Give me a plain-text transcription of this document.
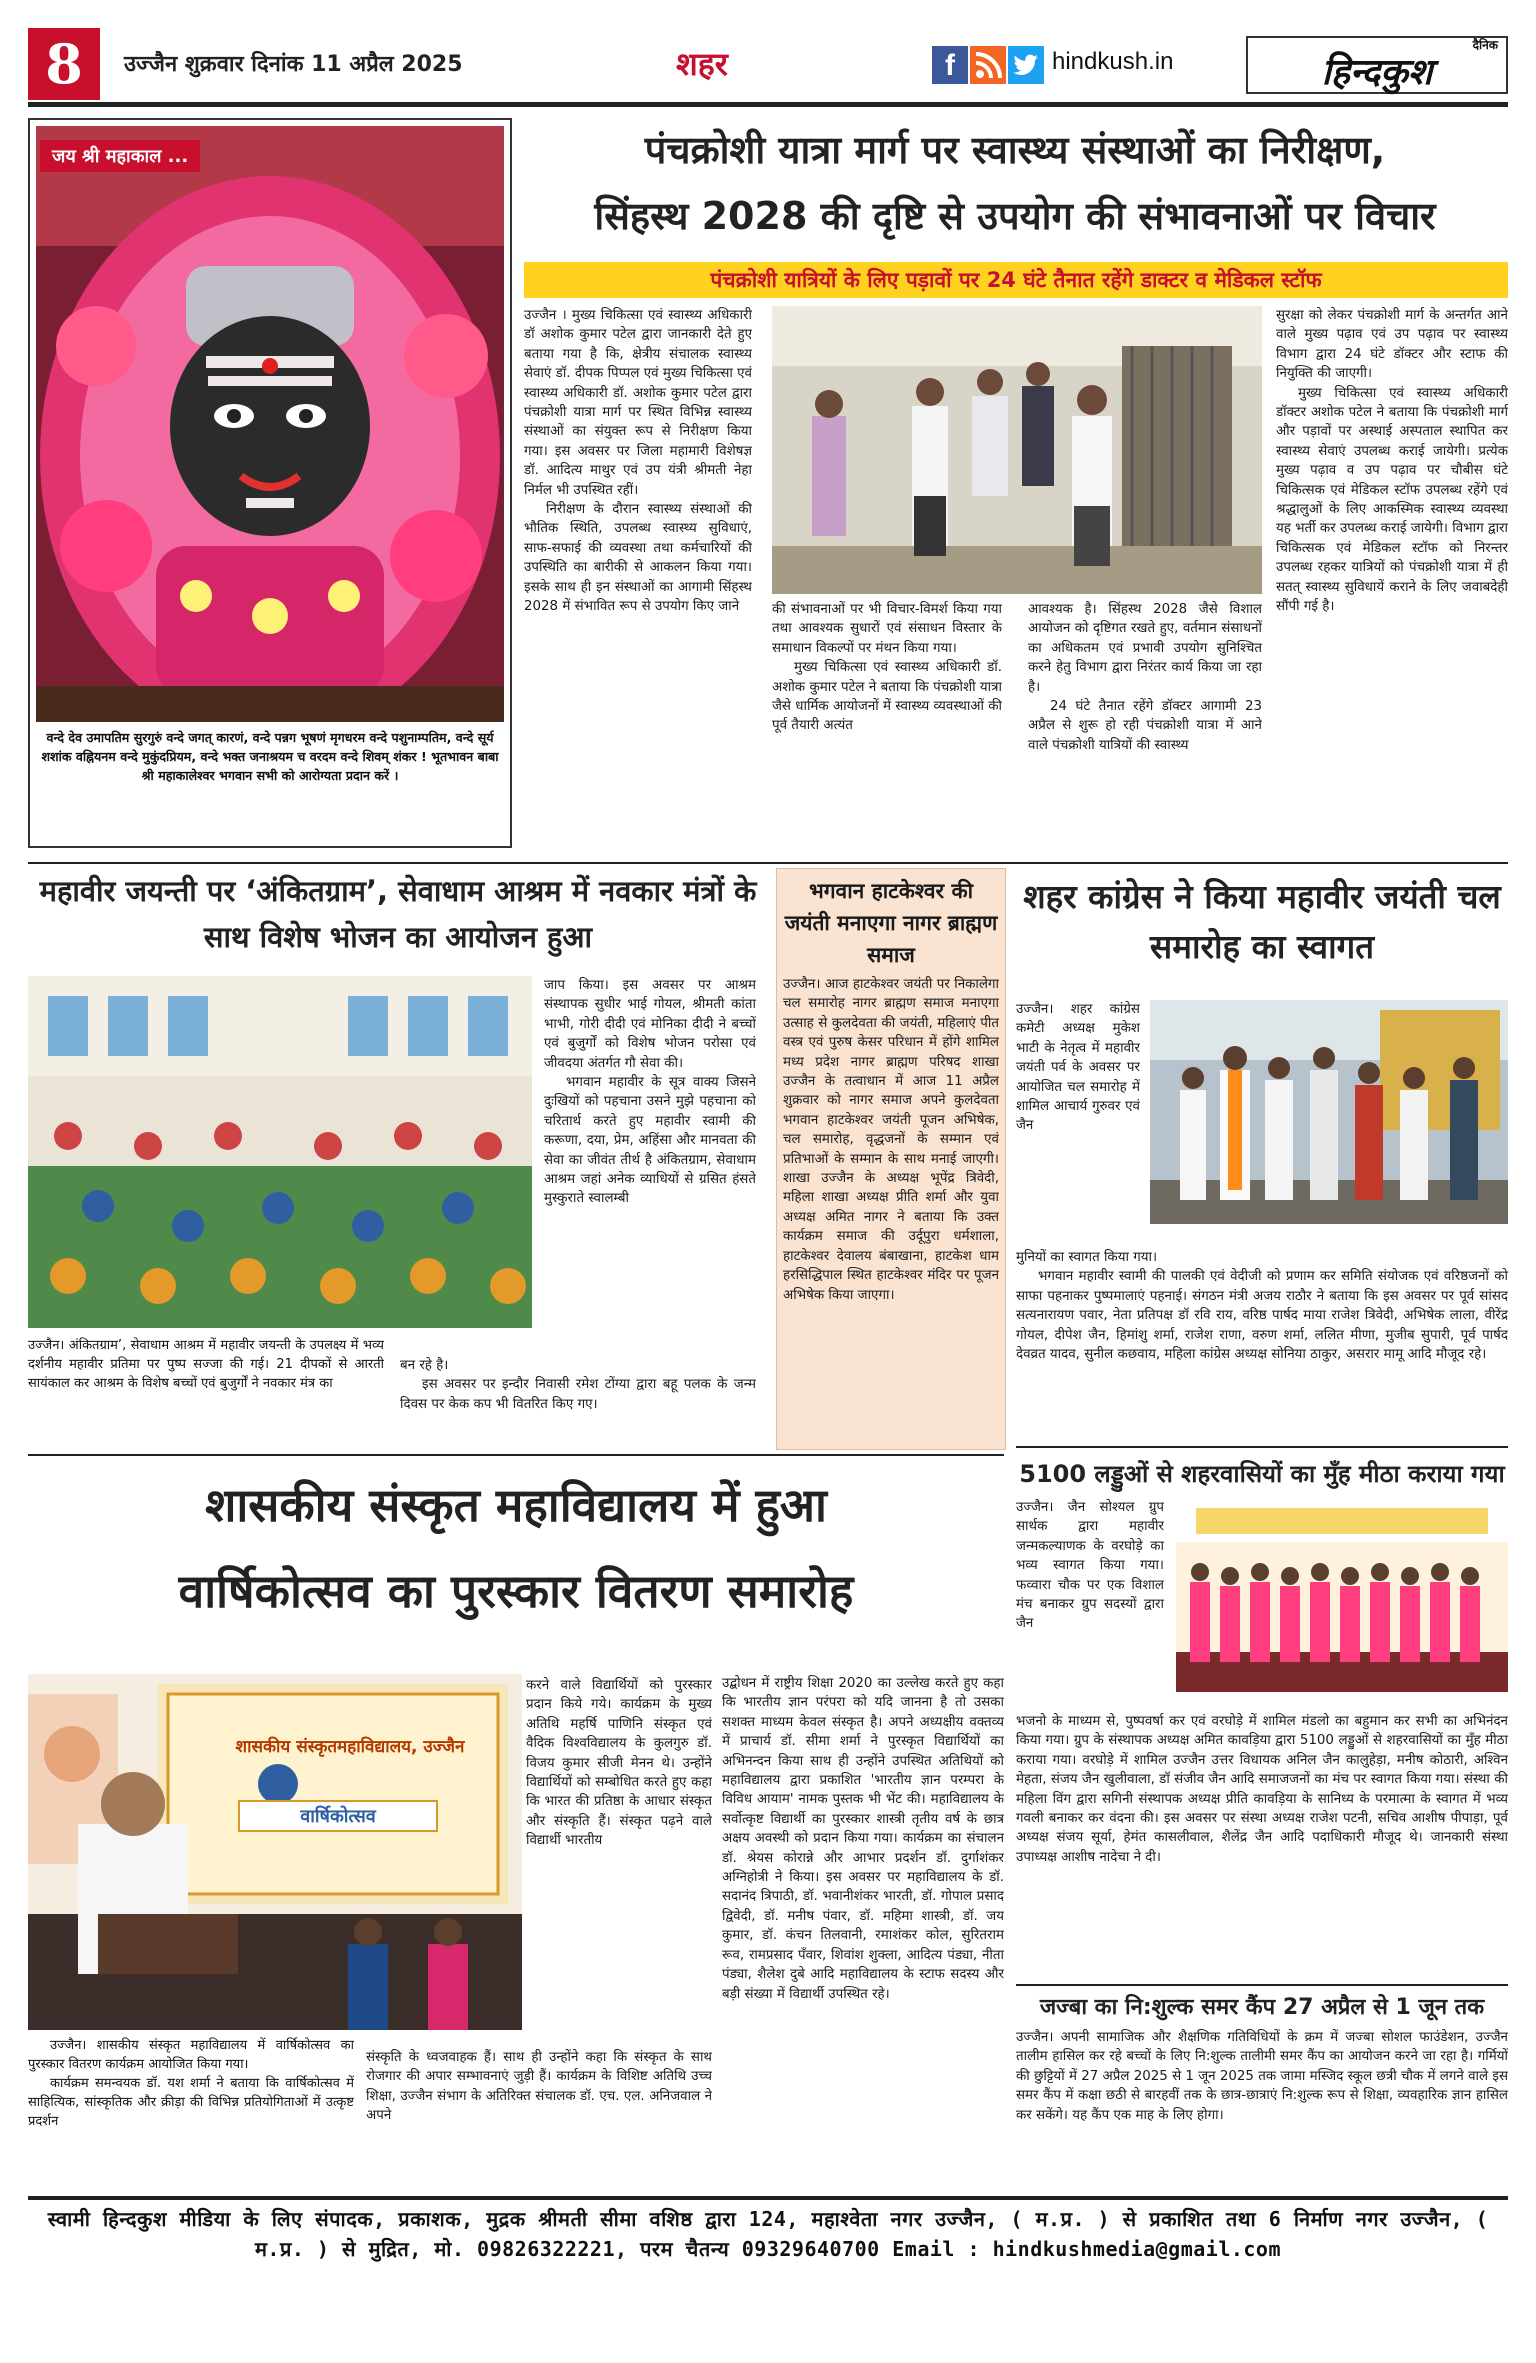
8	उज्जैन शुक्रवार दिनांक 11 अप्रैल 2025	शहर	f	hindkush.in
दैनिक
हिन्दकुश
जय श्री महाकाल ...
वन्दे देव उमापतिम सुरगुरुं वन्दे जगत् कारणं, वन्दे पन्नग भूषणं मृगधरम वन्दे पशुनाम्पतिम, वन्दे सूर्य शशांक वह्नियनम वन्दे मुकुंदप्रियम, वन्दे भक्त जनाश्रयम च वरदम वन्दे शिवम् शंकर ! भूतभावन बाबा श्री महाकालेश्वर भगवान सभी को आरोग्यता प्रदान करें ।
पंचक्रोशी यात्रा मार्ग पर स्वास्थ्य संस्थाओं का निरीक्षण,
सिंहस्थ 2028 की दृष्टि से उपयोग की संभावनाओं पर विचार
पंचक्रोशी यात्रियों के लिए पड़ावों पर 24 घंटे तैनात रहेंगे डाक्टर व मेडिकल स्टॉफ

उज्जैन । मुख्य चिकित्सा एवं स्वास्थ्य अधिकारी डॉ अशोक कुमार पटेल द्वारा जानकारी देते हुए बताया गया है कि, क्षेत्रीय संचालक स्वास्थ्य सेवाएं डॉ. दीपक पिप्पल एवं मुख्य चिकित्सा एवं स्वास्थ्य अधिकारी डॉ. अशोक कुमार पटेल द्वारा पंचक्रोशी यात्रा मार्ग पर स्थित विभिन्न स्वास्थ्य संस्थाओं का संयुक्त रूप से निरीक्षण किया गया। इस अवसर पर जिला महामारी विशेषज्ञ डॉ. आदित्य माथुर एवं उप यंत्री श्रीमती नेहा निर्मल भी उपस्थित रहीं।

निरीक्षण के दौरान स्वास्थ्य संस्थाओं की भौतिक स्थिति, उपलब्ध स्वास्थ्य सुविधाएं, साफ-सफाई की व्यवस्था तथा कर्मचारियों की उपस्थिति का बारीकी से आकलन किया गया। इसके साथ ही इन संस्थाओं का आगामी सिंहस्थ 2028 में संभावित रूप से उपयोग किए जाने	की संभावनाओं पर भी विचार-विमर्श किया गया तथा आवश्यक सुधारों एवं संसाधन विस्तार के समाधान विकल्पों पर मंथन किया गया।

मुख्य चिकित्सा एवं स्वास्थ्य अधिकारी डॉ. अशोक कुमार पटेल ने बताया कि पंचक्रोशी यात्रा जैसे धार्मिक आयोजनों में स्वास्थ्य व्यवस्थाओं की पूर्व तैयारी अत्यंत

आवश्यक है। सिंहस्थ 2028 जैसे विशाल आयोजन को दृष्टिगत रखते हुए, वर्तमान संसाधनों का अधिकतम एवं प्रभावी उपयोग सुनिश्चित करने हेतु विभाग द्वारा निरंतर कार्य किया जा रहा है।

24 घंटे तैनात रहेंगे डॉक्टर आगामी 23 अप्रैल से शुरू हो रही पंचक्रोशी यात्रा में आने वाले पंचक्रोशी यात्रियों की स्वास्थ्य

सुरक्षा को लेकर पंचक्रोशी मार्ग के अन्तर्गत आने वाले मुख्य पढ़ाव एवं उप पढ़ाव पर स्वास्थ्य विभाग द्वारा 24 घंटे डॉक्टर और स्टाफ की नियुक्ति की जाएगी।

मुख्य चिकित्सा एवं स्वास्थ्य अधिकारी डॉक्टर अशोक पटेल ने बताया कि पंचक्रोशी मार्ग और पड़ावों पर अस्थाई अस्पताल स्थापित कर स्वास्थ्य सेवाएं उपलब्ध कराई जायेगी। प्रत्येक मुख्य पढ़ाव व उप पढ़ाव पर चौबीस घंटे चिकित्सक एवं मेडिकल स्टॉफ उपलब्ध रहेंगे एवं श्रद्धालुओं के लिए आकस्मिक स्वास्थ्य व्यवस्था यह भर्ती कर उपलब्ध कराई जायेगी। विभाग द्वारा चिकित्सक एवं मेडिकल स्टॉफ को निरन्तर उपलब्ध रहकर यात्रियों को पंचक्रोशी यात्रा में ही सतत् स्वास्थ्य सुविधायें कराने के लिए जवाबदेही सौंपी गई है।

महावीर जयन्ती पर ‘अंकितग्राम’, सेवाधाम आश्रम में नवकार मंत्रों के साथ विशेष भोजन का आयोजन हुआ
उज्जैन। अंकितग्राम’, सेवाधाम आश्रम में महावीर जयन्ती के उपलक्ष्य में भव्य दर्शनीय महावीर प्रतिमा पर पुष्प सज्जा की गई। 21 दीपकों से आरती सायंकाल कर आश्रम के विशेष बच्चों एवं बुजुर्गों ने नवकार मंत्र का

जाप किया। इस अवसर पर आश्रम संस्थापक सुधीर भाई गोयल, श्रीमती कांता भाभी, गोरी दीदी एवं मोनिका दीदी ने बच्चों एवं बुजुर्गों को विशेष भोजन परोसा एवं जीवदया अंतर्गत गौ सेवा की।

भगवान महावीर के सूत्र वाक्य जिसने दुःखियों को पहचाना उसने मुझे पहचाना को चरितार्थ करते हुए महावीर स्वामी की करूणा, दया, प्रेम, अहिंसा और मानवता की सेवा का जीवंत तीर्थ है अंकितग्राम, सेवाधाम आश्रम जहां अनेक व्याधियों से ग्रसित हंसते मुस्कुराते स्वालम्बी

बन रहे है।

इस अवसर पर इन्दौर निवासी रमेश टोंग्या द्वारा बहू पलक के जन्म दिवस पर केक कप भी वितरित किए गए।

भगवान हाटकेश्वर की जयंती मनाएगा नागर ब्राह्मण समाज

उज्जैन। आज हाटकेश्वर जयंती पर निकालेगा चल समारोह नागर ब्राह्मण समाज मनाएगा उत्साह से कुलदेवता की जयंती, महिलाएं पीत वस्त्र एवं पुरुष केसर परिधान में होंगे शामिल मध्य प्रदेश नागर ब्राह्मण परिषद शाखा उज्जैन के तत्वाधान में आज 11 अप्रैल शुक्रवार को नागर समाज अपने कुलदेवता भगवान हाटकेश्वर जयंती पूजन अभिषेक, चल समारोह, वृद्धजनों के सम्मान एवं प्रतिभाओं के सम्मान के साथ मनाई जाएगी। शाखा उज्जैन के अध्यक्ष भूपेंद्र त्रिवेदी, महिला शाखा अध्यक्ष प्रीति शर्मा और युवा अध्यक्ष अमित नागर ने बताया कि उक्त कार्यक्रम समाज की उर्दूपुरा धर्मशाला, हाटकेश्वर देवालय बंबाखाना, हाटकेश धाम हरसिद्धिपाल स्थित हाटकेश्वर मंदिर पर पूजन अभिषेक किया जाएगा।

शहर कांग्रेस ने किया महावीर जयंती चल समारोह का स्वागत

उज्जैन। शहर कांग्रेस कमेटी अध्यक्ष मुकेश भाटी के नेतृत्व में महावीर जयंती पर्व के अवसर पर आयोजित चल समारोह में शामिल आचार्य गुरुवर एवं जैन

मुनियों का स्वागत किया गया।

भगवान महावीर स्वामी की पालकी एवं वेदीजी को प्रणाम कर समिति संयोजक एवं वरिष्ठजनों को साफा पहनाकर पुष्पमालाएं पहनाई। संगठन मंत्री अजय राठौर ने बताया कि इस अवसर पर पूर्व सांसद सत्यनारायण पवार, नेता प्रतिपक्ष डॉ रवि राय, वरिष्ठ पार्षद माया राजेश त्रिवेदी, अभिषेक लाला, वीरेंद्र गोयल, दीपेश जैन, हिमांशु शर्मा, राजेश राणा, वरुण शर्मा, ललित मीणा, मुजीब सुपारी, पूर्व पार्षद देवव्रत यादव, सुनील कछवाय, महिला कांग्रेस अध्यक्ष सोनिया ठाकुर, असरार मामू आदि मौजूद रहे।

5100 लड्डुओं से शहरवासियों का मुँह मीठा कराया गया

उज्जैन। जैन सोश्यल ग्रुप सार्थक द्वारा महावीर जन्मकल्याणक के वरघोड़े का भव्य स्वागत किया गया। फव्वारा चौक पर एक विशाल मंच बनाकर ग्रुप सदस्यों द्वारा जैन

भजनो के माध्यम से, पुष्पवर्षा कर एवं वरघोड़े में शामिल मंडलो का बहुमान कर सभी का अभिनंदन किया गया। ग्रुप के संस्थापक अध्यक्ष अमित कावड़िया द्वारा 5100 लड्डुओं से शहरवासियों का मुँह मीठा कराया गया। वरघोड़े में शामिल उज्जैन उत्तर विधायक अनिल जैन कालुहेड़ा, मनीष कोठारी, अश्विन मेहता, संजय जैन खुलीवाला, डॉ संजीव जैन आदि समाजजनों का मंच पर स्वागत किया गया। संस्था की महिला विंग द्वारा सगिनी संस्थापक अध्यक्ष प्रीति कावड़िया के सानिध्य के परमात्मा के स्वागत में भव्य गवली बनाकर कर वंदना की। इस अवसर पर संस्था अध्यक्ष राजेश पटनी, सचिव आशीष पीपाड़ा, पूर्व अध्यक्ष संजय सूर्या, हेमंत कासलीवाल, शैलेंद्र जैन आदि पदाधिकारी मौजूद थे। जानकारी संस्था उपाध्यक्ष आशीष नादेचा ने दी।

जज्बा का नि:शुल्क समर कैंप 27 अप्रैल से 1 जून तक

उज्जैन। अपनी सामाजिक और शैक्षणिक गतिविधियों के क्रम में जज्बा सोशल फाउंडेशन, उज्जैन तालीम हासिल कर रहे बच्चों के लिए नि:शुल्क तालीमी समर कैंप का आयोजन करने जा रहा है। गर्मियों की छुट्टियों में 27 अप्रैल 2025 से 1 जून 2025 तक जामा मस्जिद स्कूल छत्री चौक में लगने वाले इस समर कैंप में कक्षा छठी से बारहवीं तक के छात्र-छात्राएं नि:शुल्क रूप से शिक्षा, व्यवहारिक ज्ञान हासिल कर सकेंगे। यह कैंप एक माह के लिए होगा।

शासकीय संस्कृत महाविद्यालय में हुआ
वार्षिकोत्सव का पुरस्कार वितरण समारोह
शासकीय संस्कृतमहाविद्यालय, उज्जैन
वार्षिकोत्सव

उज्जैन। शासकीय संस्कृत महाविद्यालय में वार्षिकोत्सव का पुरस्कार वितरण कार्यक्रम आयोजित किया गया।

कार्यक्रम समन्वयक डॉ. यश शर्मा ने बताया कि वार्षिकोत्सव में साहित्यिक, सांस्कृतिक और क्रीड़ा की विभिन्न प्रतियोगिताओं में उत्कृष्ट प्रदर्शन

करने वाले विद्यार्थियों को पुरस्कार प्रदान किये गये। कार्यक्रम के मुख्य अतिथि महर्षि पाणिनि संस्कृत एवं वैदिक विश्वविद्यालय के कुलगुरु डॉ. विजय कुमार सीजी मेनन थे। उन्होंने विद्यार्थियों को सम्बोधित करते हुए कहा कि भारत की प्रतिष्ठा के आधार संस्कृत और संस्कृति हैं। संस्कृत पढ़ने वाले विद्यार्थी भारतीय

संस्कृति के ध्वजवाहक हैं। साथ ही उन्होंने कहा कि संस्कृत के साथ रोजगार की अपार सम्भावनाएं जुड़ी हैं। कार्यक्रम के विशिष्ट अतिथि उच्च शिक्षा, उज्जैन संभाग के अतिरिक्त संचालक डॉ. एच. एल. अनिजवाल ने अपने

उद्बोधन में राष्ट्रीय शिक्षा 2020 का उल्लेख करते हुए कहा कि भारतीय ज्ञान परंपरा को यदि जानना है तो उसका सशक्त माध्यम केवल संस्कृत है। अपने अध्यक्षीय वक्तव्य में प्राचार्य डॉ. सीमा शर्मा ने पुरस्कृत विद्यार्थियों का अभिनन्दन किया साथ ही उन्होंने उपस्थित अतिथियों को महाविद्यालय द्वारा प्रकाशित 'भारतीय ज्ञान परम्परा के विविध आयाम' नामक पुस्तक भी भेंट की। महाविद्यालय के सर्वोत्कृष्ट विद्यार्थी का पुरस्कार शास्त्री तृतीय वर्ष के छात्र अक्षय अवस्थी को प्रदान किया गया। कार्यक्रम का संचालन डॉ. श्रेयस कोरान्ने और आभार प्रदर्शन डॉ. दुर्गाशंकर अग्निहोत्री ने किया। इस अवसर पर महाविद्यालय के डॉ. सदानंद त्रिपाठी, डॉ. भवानीशंकर भारती, डॉ. गोपाल प्रसाद द्विवेदी, डॉ. मनीष पंवार, डॉ. महिमा शास्त्री, डॉ. जय कुमार, डॉ. कंचन तिलवानी, रमाशंकर कोल, सुरितराम रूव, रामप्रसाद पँवार, शिवांश शुक्ला, आदित्य पंड्या, नीता पंड्या, शैलेश दुबे आदि महाविद्यालय के स्टाफ सदस्य और बड़ी संख्या में विद्यार्थी उपस्थित रहे।

स्वामी हिन्दकुश मीडिया के लिए संपादक, प्रकाशक, मुद्रक श्रीमती सीमा वशिष्ठ द्वारा 124, महाश्वेता नगर उज्जैन, ( म.प्र. ) से प्रकाशित तथा 6 निर्माण नगर उज्जैन, ( म.प्र. ) से मुद्रित, मो. 09826322221, परम चैतन्य 09329640700 Email : hindkushmedia@gmail.com
